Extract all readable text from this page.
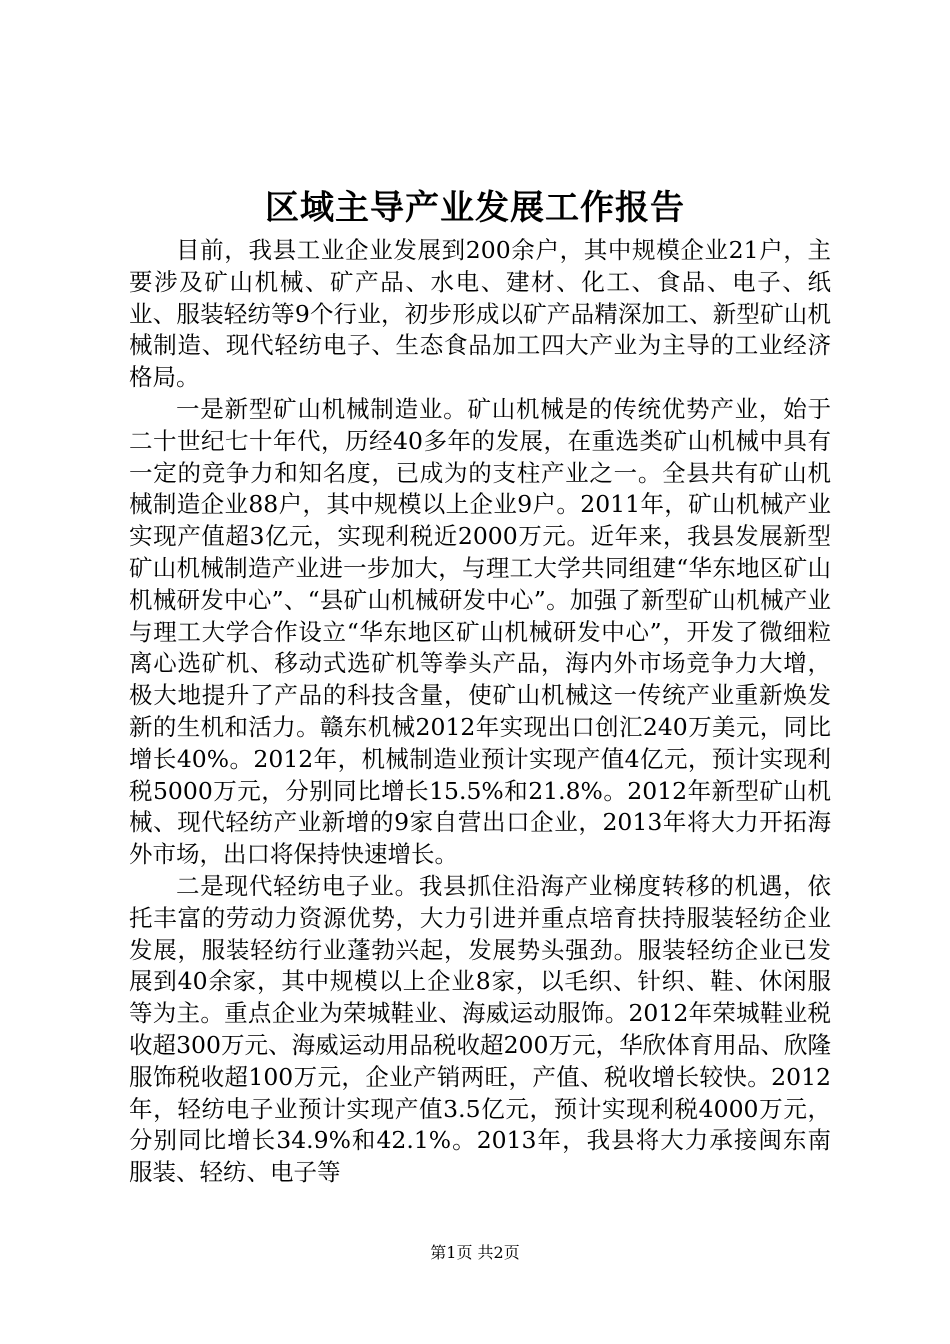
区域主导产业发展工作报告

目前，我县工业企业发展到200余户，其中规模企业21户，主要涉及矿山机械、矿产品、水电、建材、化工、食品、电子、纸业、服装轻纺等9个行业，初步形成以矿产品精深加工、新型矿山机械制造、现代轻纺电子、生态食品加工四大产业为主导的工业经济格局。

一是新型矿山机械制造业。矿山机械是的传统优势产业，始于二十世纪七十年代，历经40多年的发展，在重选类矿山机械中具有一定的竞争力和知名度，已成为的支柱产业之一。全县共有矿山机械制造企业88户，其中规模以上企业9户。2011年，矿山机械产业实现产值超3亿元，实现利税近2000万元。近年来，我县发展新型矿山机械制造产业进一步加大，与理工大学共同组建“华东地区矿山机械研发中心”、“县矿山机械研发中心”。加强了新型矿山机械产业与理工大学合作设立“华东地区矿山机械研发中心”，开发了微细粒离心选矿机、移动式选矿机等拳头产品，海内外市场竞争力大增，极大地提升了产品的科技含量，使矿山机械这一传统产业重新焕发新的生机和活力。赣东机械2012年实现出口创汇240万美元，同比增长40%。2012年，机械制造业预计实现产值4亿元，预计实现利税5000万元，分别同比增长15.5%和21.8%。2012年新型矿山机械、现代轻纺产业新增的9家自营出口企业，2013年将大力开拓海外市场，出口将保持快速增长。

二是现代轻纺电子业。我县抓住沿海产业梯度转移的机遇，依托丰富的劳动力资源优势，大力引进并重点培育扶持服装轻纺企业发展，服装轻纺行业蓬勃兴起，发展势头强劲。服装轻纺企业已发展到40余家，其中规模以上企业8家，以毛织、针织、鞋、休闲服等为主。重点企业为荣城鞋业、海威运动服饰。2012年荣城鞋业税收超300万元、海威运动用品税收超200万元，华欣体育用品、欣隆服饰税收超100万元，企业产销两旺，产值、税收增长较快。2012年，轻纺电子业预计实现产值3.5亿元，预计实现利税4000万元，分别同比增长34.9%和42.1%。2013年，我县将大力承接闽东南服装、轻纺、电子等

第1页 共2页
